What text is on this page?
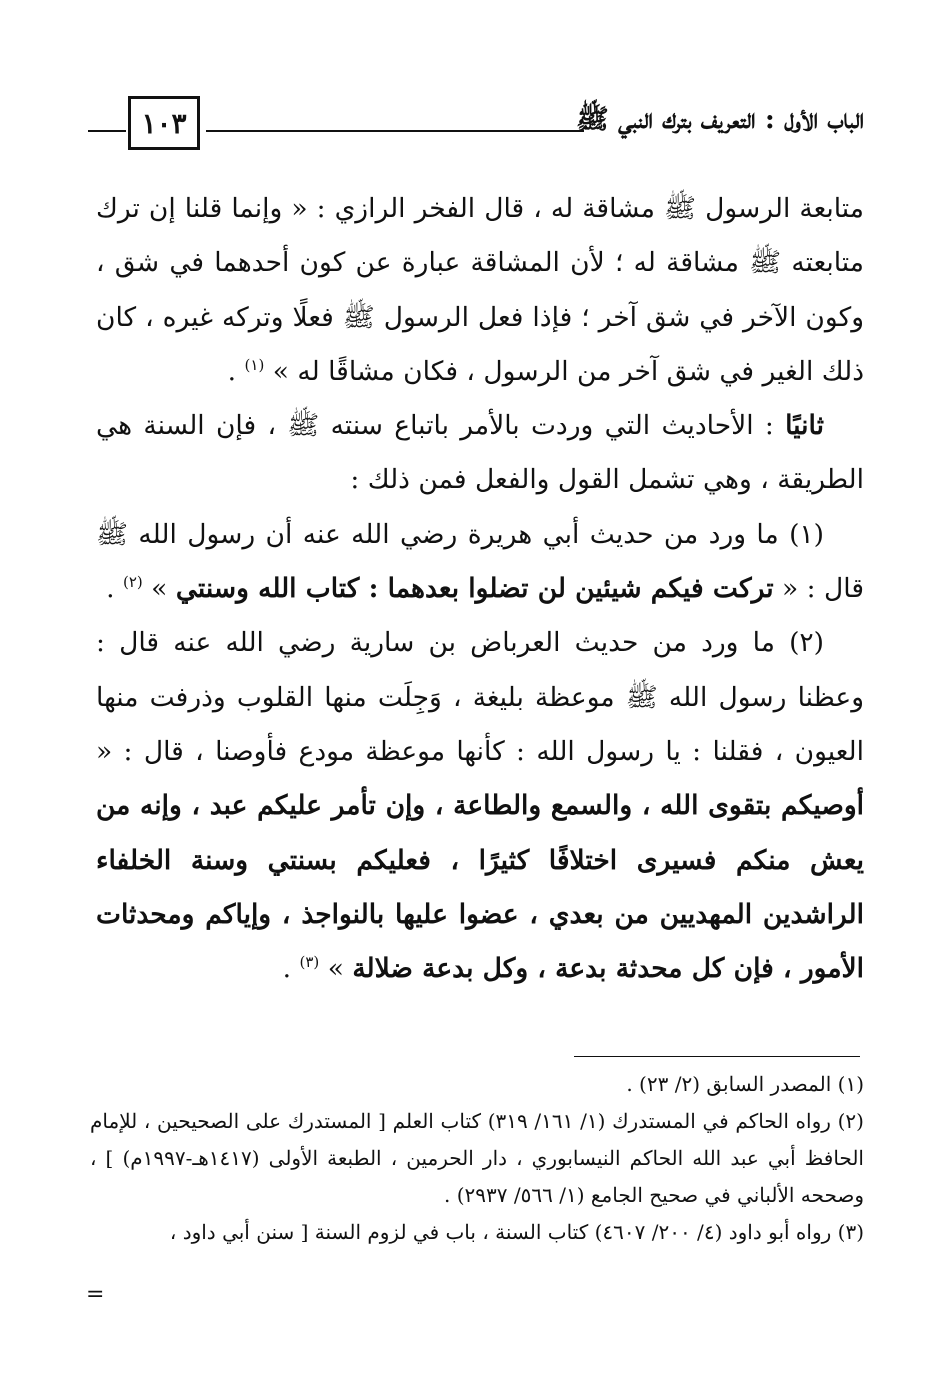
الباب الأول : التعريف بترك النبي ﷺ
١٠٣

متابعة الرسول ﷺ مشاقة له ، قال الفخر الرازي : « وإنما قلنا إن ترك متابعته ﷺ مشاقة له ؛ لأن المشاقة عبارة عن كون أحدهما في شق ، وكون الآخر في شق آخر ؛ فإذا فعل الرسول ﷺ فعلًا وتركه غيره ، كان ذلك الغير في شق آخر من الرسول ، فكان مشاقًا له » $^{(١)}$ .

ثانيًا : الأحاديث التي وردت بالأمر باتباع سنته ﷺ ، فإن السنة هي الطريقة ، وهي تشمل القول والفعل فمن ذلك :

(١) ما ورد من حديث أبي هريرة رضي الله عنه أن رسول الله ﷺ قال : « تركت فيكم شيئين لن تضلوا بعدهما : كتاب الله وسنتي » $^{(٢)}$ .

(٢) ما ورد من حديث العرباض بن سارية رضي الله عنه قال : وعظنا رسول الله ﷺ موعظة بليغة ، وَجِلَت منها القلوب وذرفت منها العيون ، فقلنا : يا رسول الله : كأنها موعظة مودع فأوصنا ، قال : « أوصيكم بتقوى الله ، والسمع والطاعة ، وإن تأمر عليكم عبد ، وإنه من يعش منكم فسيرى اختلافًا كثيرًا ، فعليكم بسنتي وسنة الخلفاء الراشدين المهديين من بعدي ، عضوا عليها بالنواجذ ، وإياكم ومحدثات الأمور ، فإن كل محدثة بدعة ، وكل بدعة ضلالة » $^{(٣)}$ .

(١) المصدر السابق (٢/ ٢٣) .

(٢) رواه الحاكم في المستدرك (١/ ١٦١/ ٣١٩) كتاب العلم [ المستدرك على الصحيحين ، للإمام الحافظ أبي عبد الله الحاكم النيسابوري ، دار الحرمين ، الطبعة الأولى (١٤١٧هـ-١٩٩٧م) ] ، وصححه الألباني في صحيح الجامع (١/ ٥٦٦/ ٢٩٣٧) .

(٣) رواه أبو داود (٤/ ٢٠٠/ ٤٦٠٧) كتاب السنة ، باب في لزوم السنة [ سنن أبي داود ،

=
